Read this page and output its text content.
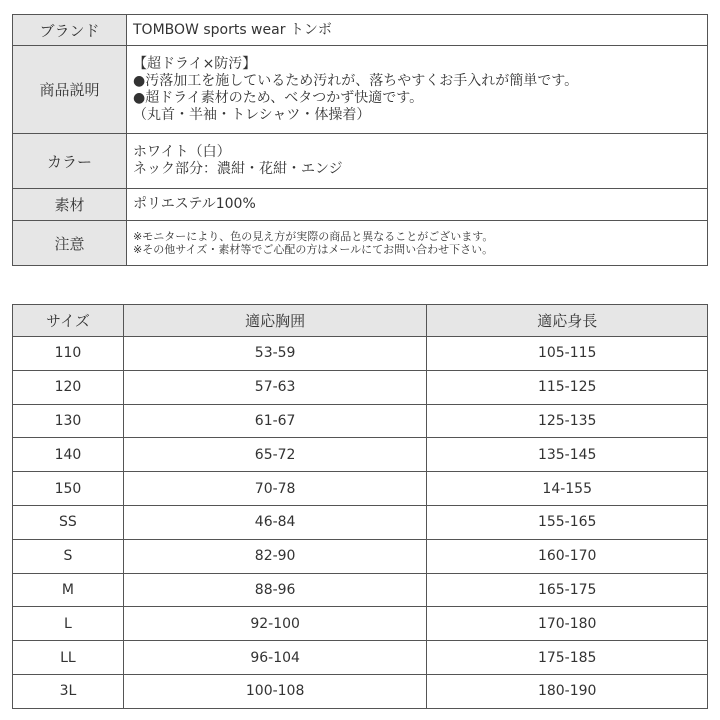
ブランド	TOMBOW sports wear トンボ
商品説明	【超ドライ×防汚】
●汚落加工を施しているため汚れが、落ちやすくお手入れが簡単です。
●超ドライ素材のため、ベタつかず快適です。
（丸首・半袖・トレシャツ・体操着）

カラー	ホワイト（白）
ネック部分：濃紺・花紺・エンジ

素材	ポリエステル100%
注意	※モニターにより、色の見え方が実際の商品と異なることがございます。
※その他サイズ・素材等でご心配の方はメールにてお問い合わせ下さい。
サイズ	適応胸囲	適応身長
110	53-59	105-115
120	57-63	115-125
130	61-67	125-135
140	65-72	135-145
150	70-78	14-155
SS	46-84	155-165
S	82-90	160-170
M	88-96	165-175
L	92-100	170-180
LL	96-104	175-185
3L	100-108	180-190
